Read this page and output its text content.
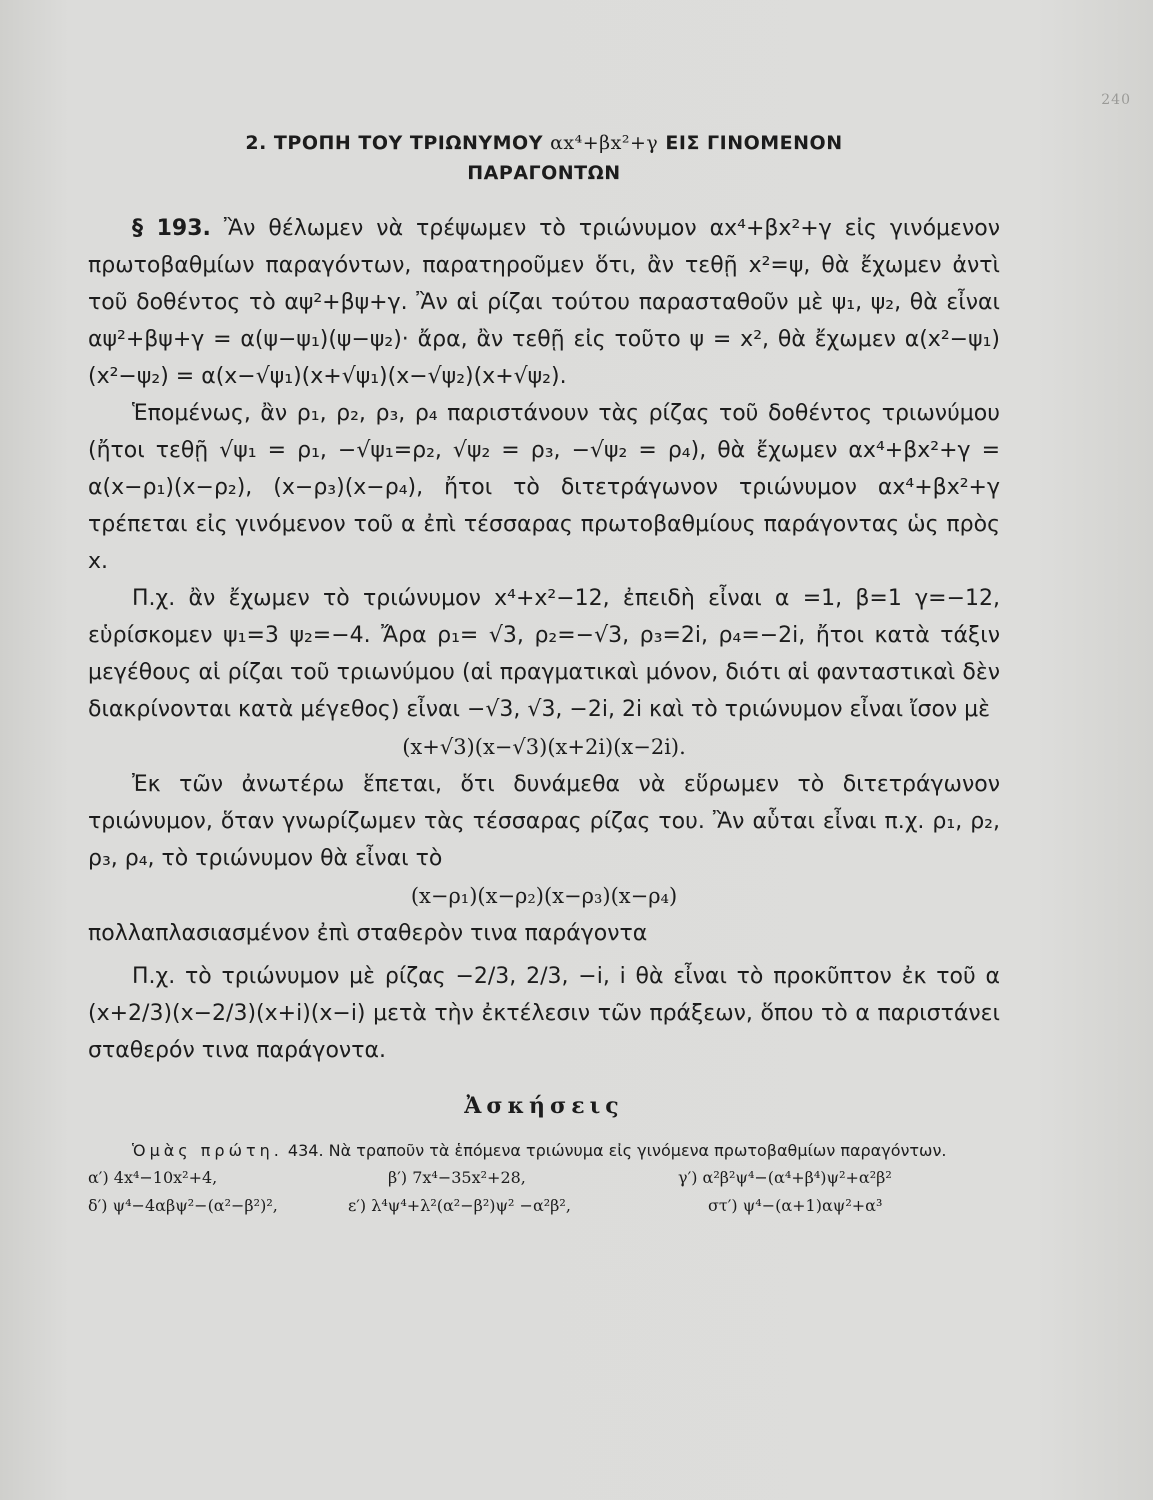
240

2. ΤΡΟΠΗ ΤΟΥ ΤΡΙΩΝΥΜΟΥ αx⁴+βx²+γ ΕΙΣ ΓΙΝΟΜΕΝΟΝ
ΠΑΡΑΓΟΝΤΩΝ

§ 193. Ἂν θέλωμεν νὰ τρέψωμεν τὸ τριώνυμον αx⁴+βx²+γ εἰς γινόμενον πρωτοβαθμίων παραγόντων, παρατηροῦμεν ὅτι, ἂν τεθῇ x²=ψ, θὰ ἔχωμεν ἀντὶ τοῦ δοθέντος τὸ αψ²+βψ+γ. Ἂν αἱ ρίζαι τούτου παρασταθοῦν μὲ ψ₁, ψ₂, θὰ εἶναι αψ²+βψ+γ = α(ψ−ψ₁)(ψ−ψ₂)· ἄρα, ἂν τεθῇ εἰς τοῦτο ψ = x², θὰ ἔχωμεν α(x²−ψ₁)(x²−ψ₂) = α(x−√ψ₁)(x+√ψ₁)(x−√ψ₂)(x+√ψ₂).

Ἑπομένως, ἂν ρ₁, ρ₂, ρ₃, ρ₄ παριστάνουν τὰς ρίζας τοῦ δοθέντος τριωνύμου (ἤτοι τεθῇ √ψ₁ = ρ₁, −√ψ₁=ρ₂, √ψ₂ = ρ₃, −√ψ₂ = ρ₄), θὰ ἔχωμεν αx⁴+βx²+γ = α(x−ρ₁)(x−ρ₂), (x−ρ₃)(x−ρ₄), ἤτοι τὸ διτετράγωνον τριώνυμον αx⁴+βx²+γ τρέπεται εἰς γινόμενον τοῦ α ἐπὶ τέσσαρας πρωτοβαθμίους παράγοντας ὡς πρὸς x.

Π.χ. ἂν ἔχωμεν τὸ τριώνυμον x⁴+x²−12, ἐπειδὴ εἶναι α =1, β=1 γ=−12, εὑρίσκομεν ψ₁=3 ψ₂=−4. Ἄρα ρ₁= √3, ρ₂=−√3, ρ₃=2i, ρ₄=−2i, ἤτοι κατὰ τάξιν μεγέθους αἱ ρίζαι τοῦ τριωνύμου (αἱ πραγματικαὶ μόνον, διότι αἱ φανταστικαὶ δὲν διακρίνονται κατὰ μέγεθος) εἶναι −√3, √3, −2i, 2i καὶ τὸ τριώνυμον εἶναι ἴσον μὲ

(x+√3)(x−√3)(x+2i)(x−2i).

Ἐκ τῶν ἀνωτέρω ἕπεται, ὅτι δυνάμεθα νὰ εὕρωμεν τὸ διτετράγωνον τριώνυμον, ὅταν γνωρίζωμεν τὰς τέσσαρας ρίζας του. Ἂν αὗται εἶναι π.χ. ρ₁, ρ₂, ρ₃, ρ₄, τὸ τριώνυμον θὰ εἶναι τὸ

(x−ρ₁)(x−ρ₂)(x−ρ₃)(x−ρ₄)

πολλαπλασιασμένον ἐπὶ σταθερὸν τινα παράγοντα

Π.χ. τὸ τριώνυμον μὲ ρίζας −2/3, 2/3, −i, i θὰ εἶναι τὸ προκῦπτον ἐκ τοῦ α (x+2/3)(x−2/3)(x+i)(x−i) μετὰ τὴν ἐκτέλεσιν τῶν πράξεων, ὅπου τὸ α παριστάνει σταθερόν τινα παράγοντα.

Ἀσκήσεις

Ὁμὰς πρώτη. 434. Νὰ τραποῦν τὰ ἑπόμενα τριώνυμα εἰς γινόμενα πρωτοβαθμίων παραγόντων.

α′) 4x⁴−10x²+4,	β′) 7x⁴−35x²+28,	γ′) α²β²ψ⁴−(α⁴+β⁴)ψ²+α²β²
δ′) ψ⁴−4αβψ²−(α²−β²)²,	ε′) λ⁴ψ⁴+λ²(α²−β²)ψ² −α²β²,	στ′) ψ⁴−(α+1)αψ²+α³
